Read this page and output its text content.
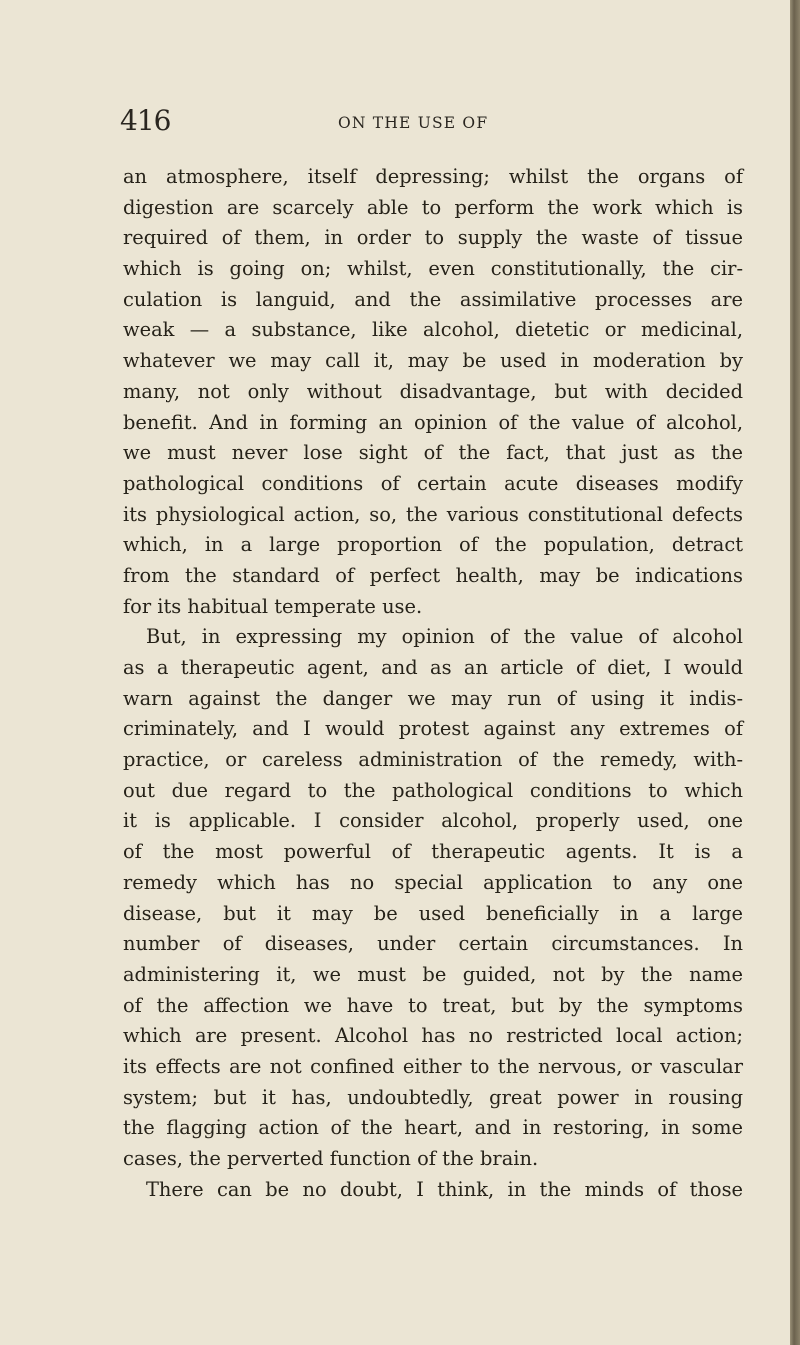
416	ON THE USE OF
an atmosphere, itself depressing; whilst the organs of
digestion are scarcely able to perform the work which is
required of them, in order to supply the waste of tissue
which is going on; whilst, even constitutionally, the cir-
culation is languid, and the assimilative processes are
weak — a substance, like alcohol, dietetic or medicinal,
whatever we may call it, may be used in moderation by
many, not only without disadvantage, but with decided
benefit. And in forming an opinion of the value of alcohol,
we must never lose sight of the fact, that just as the
pathological conditions of certain acute diseases modify
its physiological action, so, the various constitutional defects
which, in a large proportion of the population, detract
from the standard of perfect health, may be indications
for its habitual temperate use.
But, in expressing my opinion of the value of alcohol
as a therapeutic agent, and as an article of diet, I would
warn against the danger we may run of using it indis-
criminately, and I would protest against any extremes of
practice, or careless administration of the remedy, with-
out due regard to the pathological conditions to which
it is applicable. I consider alcohol, properly used, one
of the most powerful of therapeutic agents. It is a
remedy which has no special application to any one
disease, but it may be used beneficially in a large
number of diseases, under certain circumstances. In
administering it, we must be guided, not by the name
of the affection we have to treat, but by the symptoms
which are present. Alcohol has no restricted local action;
its effects are not confined either to the nervous, or vascular
system; but it has, undoubtedly, great power in rousing
the flagging action of the heart, and in restoring, in some
cases, the perverted function of the brain.
There can be no doubt, I think, in the minds of those
